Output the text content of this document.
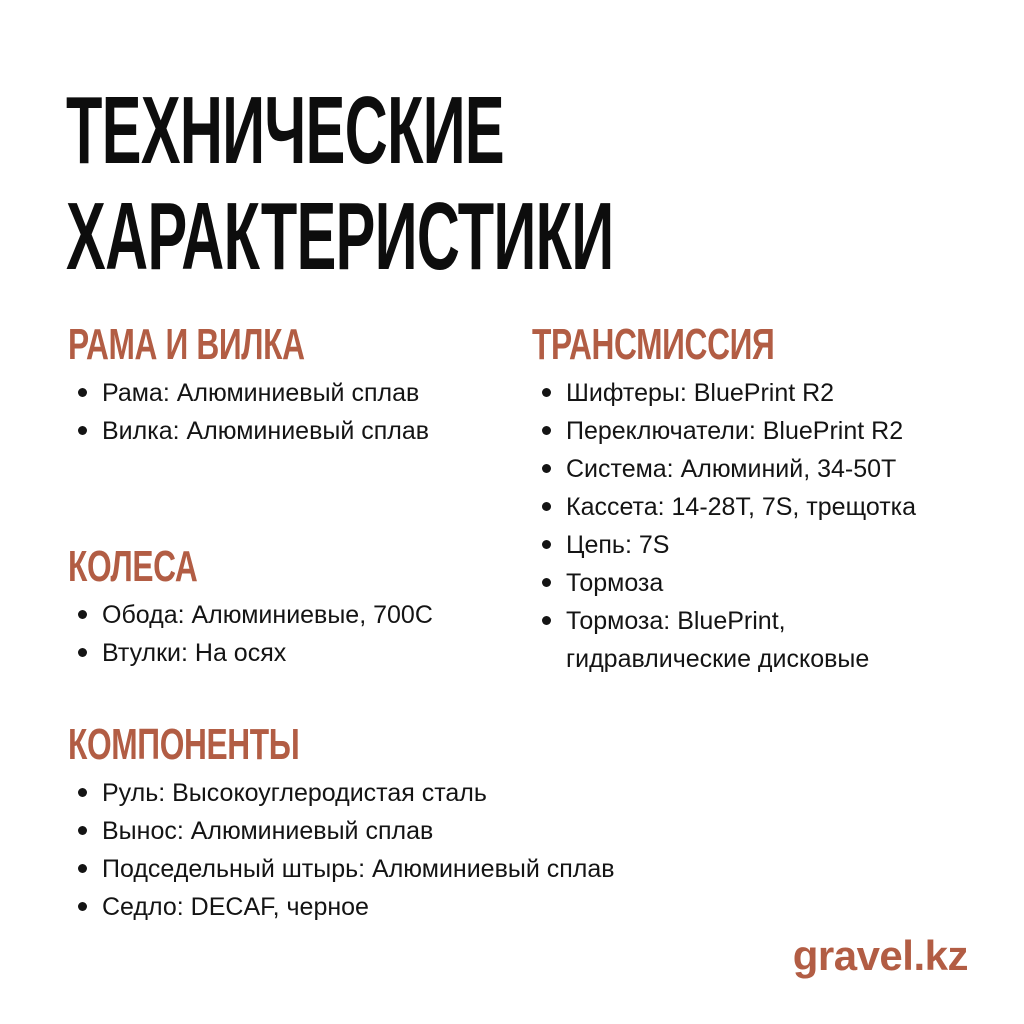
ТЕХНИЧЕСКИЕ
ХАРАКТЕРИСТИКИ
РАМА И ВИЛКА
Рама: Алюминиевый сплав
Вилка: Алюминиевый сплав
ТРАНСМИССИЯ
Шифтеры: BluePrint R2
Переключатели: BluePrint R2
Система: Алюминий, 34-50T
Кассета: 14-28T, 7S, трещотка
Цепь: 7S
Тормоза
Тормоза: BluePrint, гидравлические дисковые
КОЛЕСА
Обода: Алюминиевые, 700C
Втулки: На осях
КОМПОНЕНТЫ
Руль: Высокоуглеродистая сталь
Вынос: Алюминиевый сплав
Подседельный штырь: Алюминиевый сплав
Седло: DECAF, черное
gravel.kz
